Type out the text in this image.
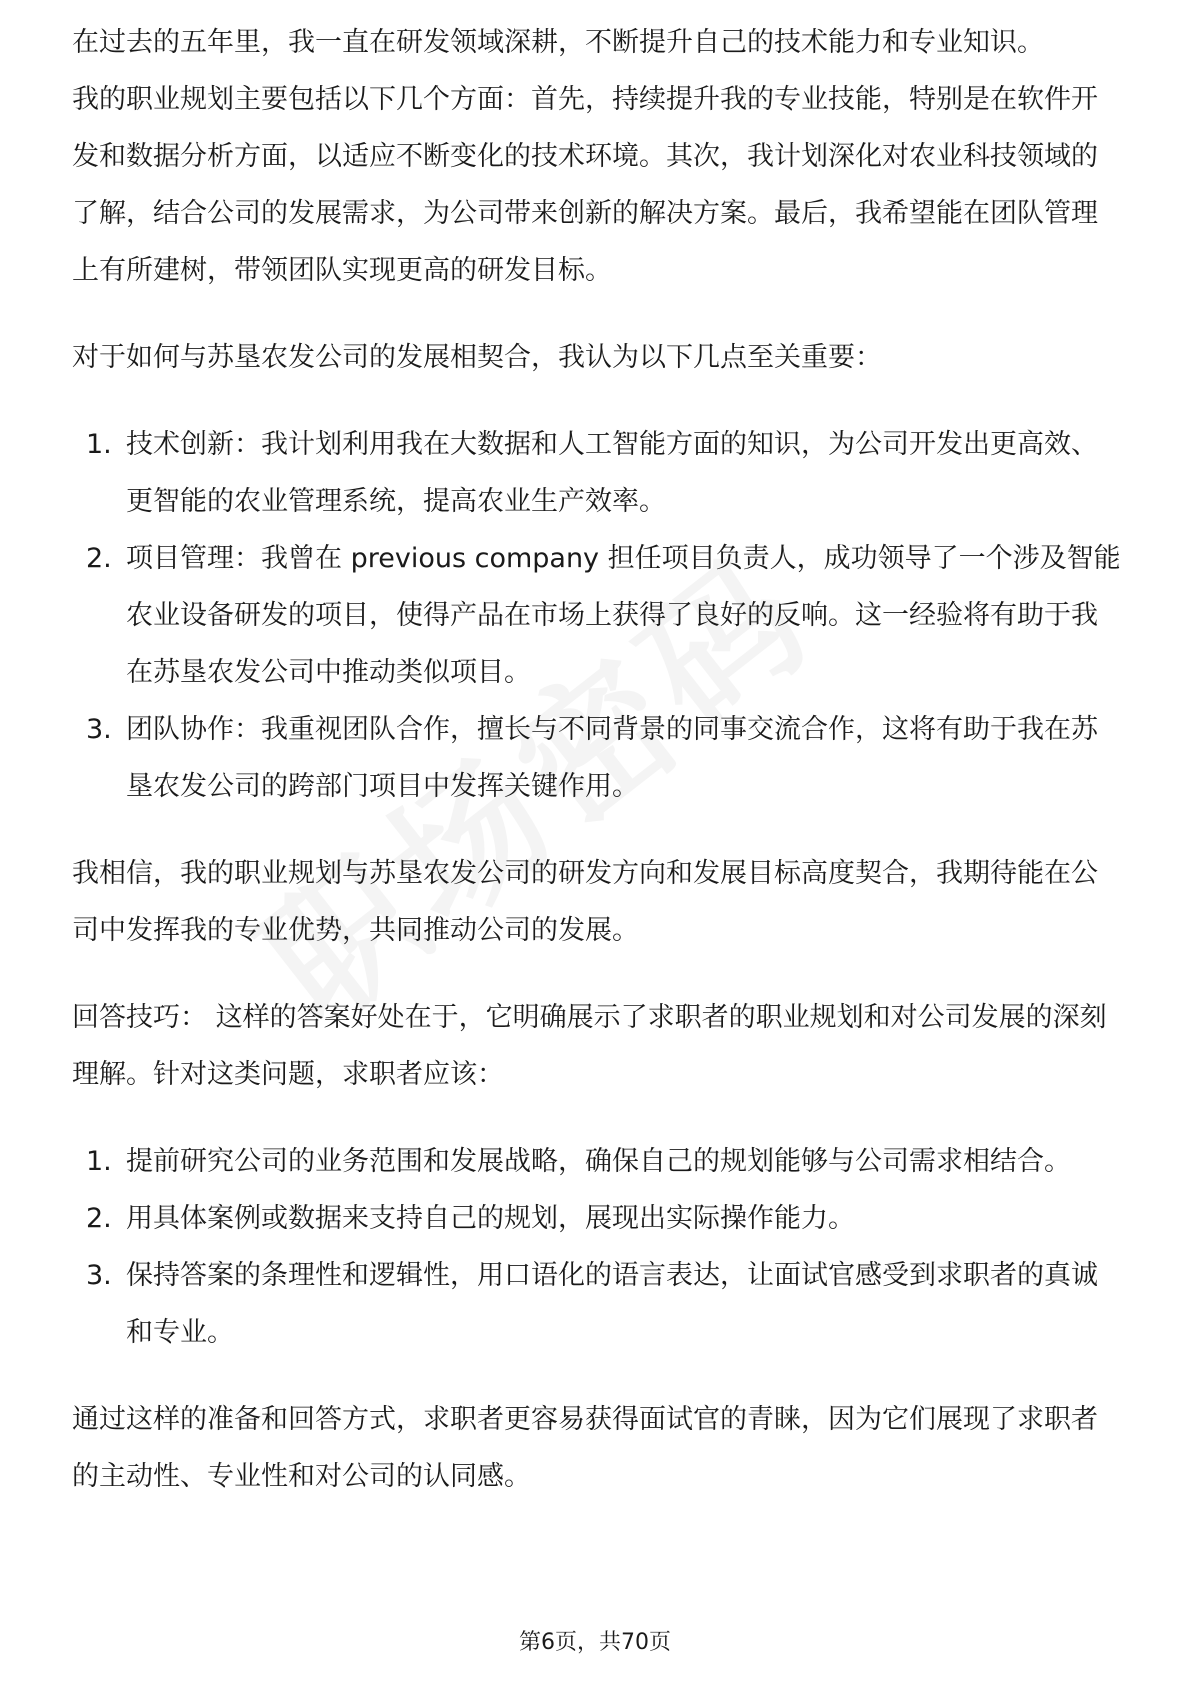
在过去的五年里，我一直在研发领域深耕，不断提升自己的技术能力和专业知识。

我的职业规划主要包括以下几个方面：首先，持续提升我的专业技能，特别是在软件开发和数据分析方面，以适应不断变化的技术环境。其次，我计划深化对农业科技领域的了解，结合公司的发展需求，为公司带来创新的解决方案。最后，我希望能在团队管理上有所建树，带领团队实现更高的研发目标。

对于如何与苏垦农发公司的发展相契合，我认为以下几点至关重要：

1. 技术创新：我计划利用我在大数据和人工智能方面的知识，为公司开发出更高效、更智能的农业管理系统，提高农业生产效率。
2. 项目管理：我曾在 previous company 担任项目负责人，成功领导了一个涉及智能农业设备研发的项目，使得产品在市场上获得了良好的反响。这一经验将有助于我在苏垦农发公司中推动类似项目。
3. 团队协作：我重视团队合作，擅长与不同背景的同事交流合作，这将有助于我在苏垦农发公司的跨部门项目中发挥关键作用。

我相信，我的职业规划与苏垦农发公司的研发方向和发展目标高度契合，我期待能在公司中发挥我的专业优势，共同推动公司的发展。

回答技巧： 这样的答案好处在于，它明确展示了求职者的职业规划和对公司发展的深刻理解。针对这类问题，求职者应该：

1. 提前研究公司的业务范围和发展战略，确保自己的规划能够与公司需求相结合。
2. 用具体案例或数据来支持自己的规划，展现出实际操作能力。
3. 保持答案的条理性和逻辑性，用口语化的语言表达，让面试官感受到求职者的真诚和专业。

通过这样的准备和回答方式，求职者更容易获得面试官的青睐，因为它们展现了求职者的主动性、专业性和对公司的认同感。

第6页，共70页
